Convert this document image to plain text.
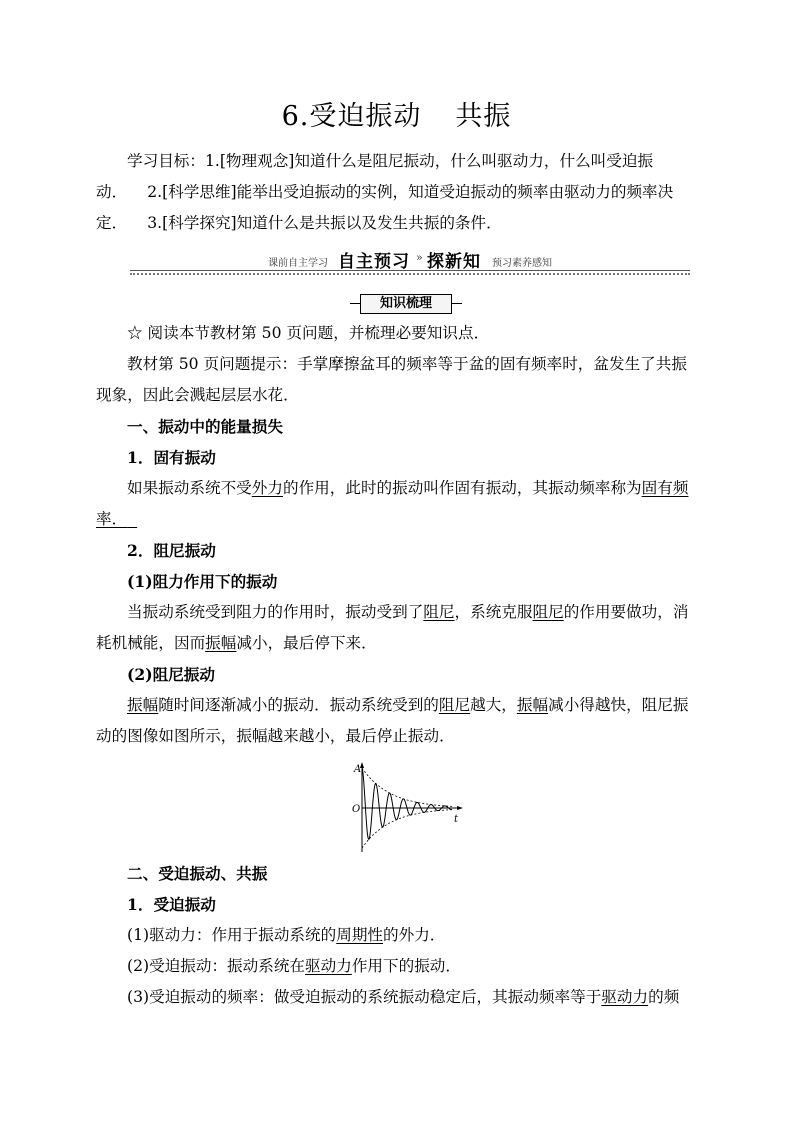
6.受迫振动 共振
学习目标：1.[物理观念]知道什么是阻尼振动，什么叫驱动力，什么叫受迫振
动． 2.[科学思维]能举出受迫振动的实例，知道受迫振动的频率由驱动力的频率决
定． 3.[科学探究]知道什么是共振以及发生共振的条件．
课前自主学习 自主预习 » 探新知 预习素养感知
知识梳理
☆ 阅读本节教材第 50 页问题，并梳理必要知识点．
教材第 50 页问题提示：手掌摩擦盆耳的频率等于盆的固有频率时，盆发生了共振
现象，因此会溅起层层水花．
一、振动中的能量损失
1．固有振动
如果振动系统不受外力的作用，此时的振动叫作固有振动，其振动频率称为固有频
率．
2．阻尼振动
(1)阻力作用下的振动
当振动系统受到阻力的作用时，振动受到了阻尼，系统克服阻尼的作用要做功，消
耗机械能，因而振幅减小，最后停下来．
(2)阻尼振动
振幅随时间逐渐减小的振动．振动系统受到的阻尼越大，振幅减小得越快，阻尼振
动的图像如图所示，振幅越来越小，最后停止振动．
A
O
t
二、受迫振动、共振
1．受迫振动
(1)驱动力：作用于振动系统的周期性的外力．
(2)受迫振动：振动系统在驱动力作用下的振动．
(3)受迫振动的频率：做受迫振动的系统振动稳定后，其振动频率等于驱动力的频
